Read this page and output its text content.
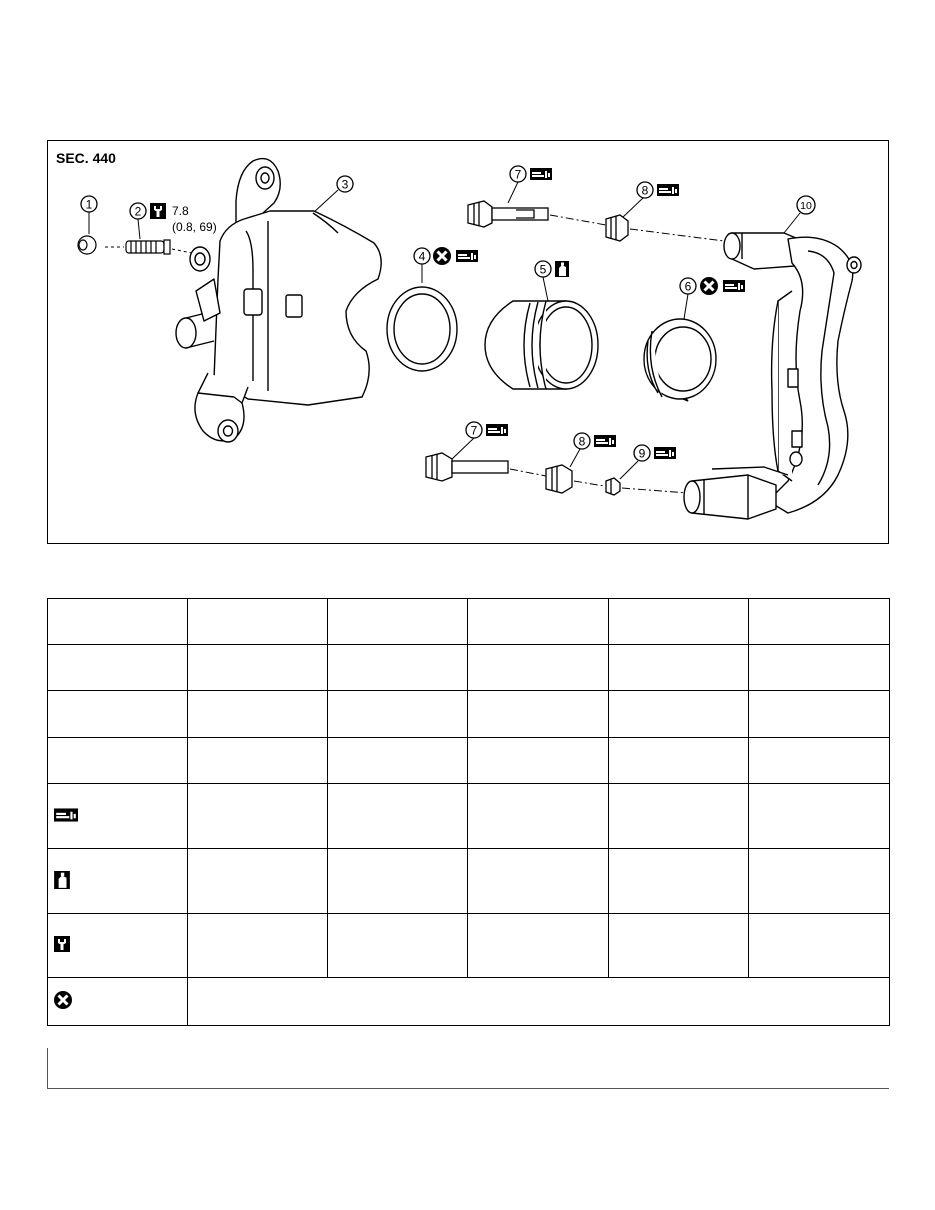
SEC. 440
1	2	7.8
(0.8, 69)
3
4
5
6
7
8
7
8
9
10
